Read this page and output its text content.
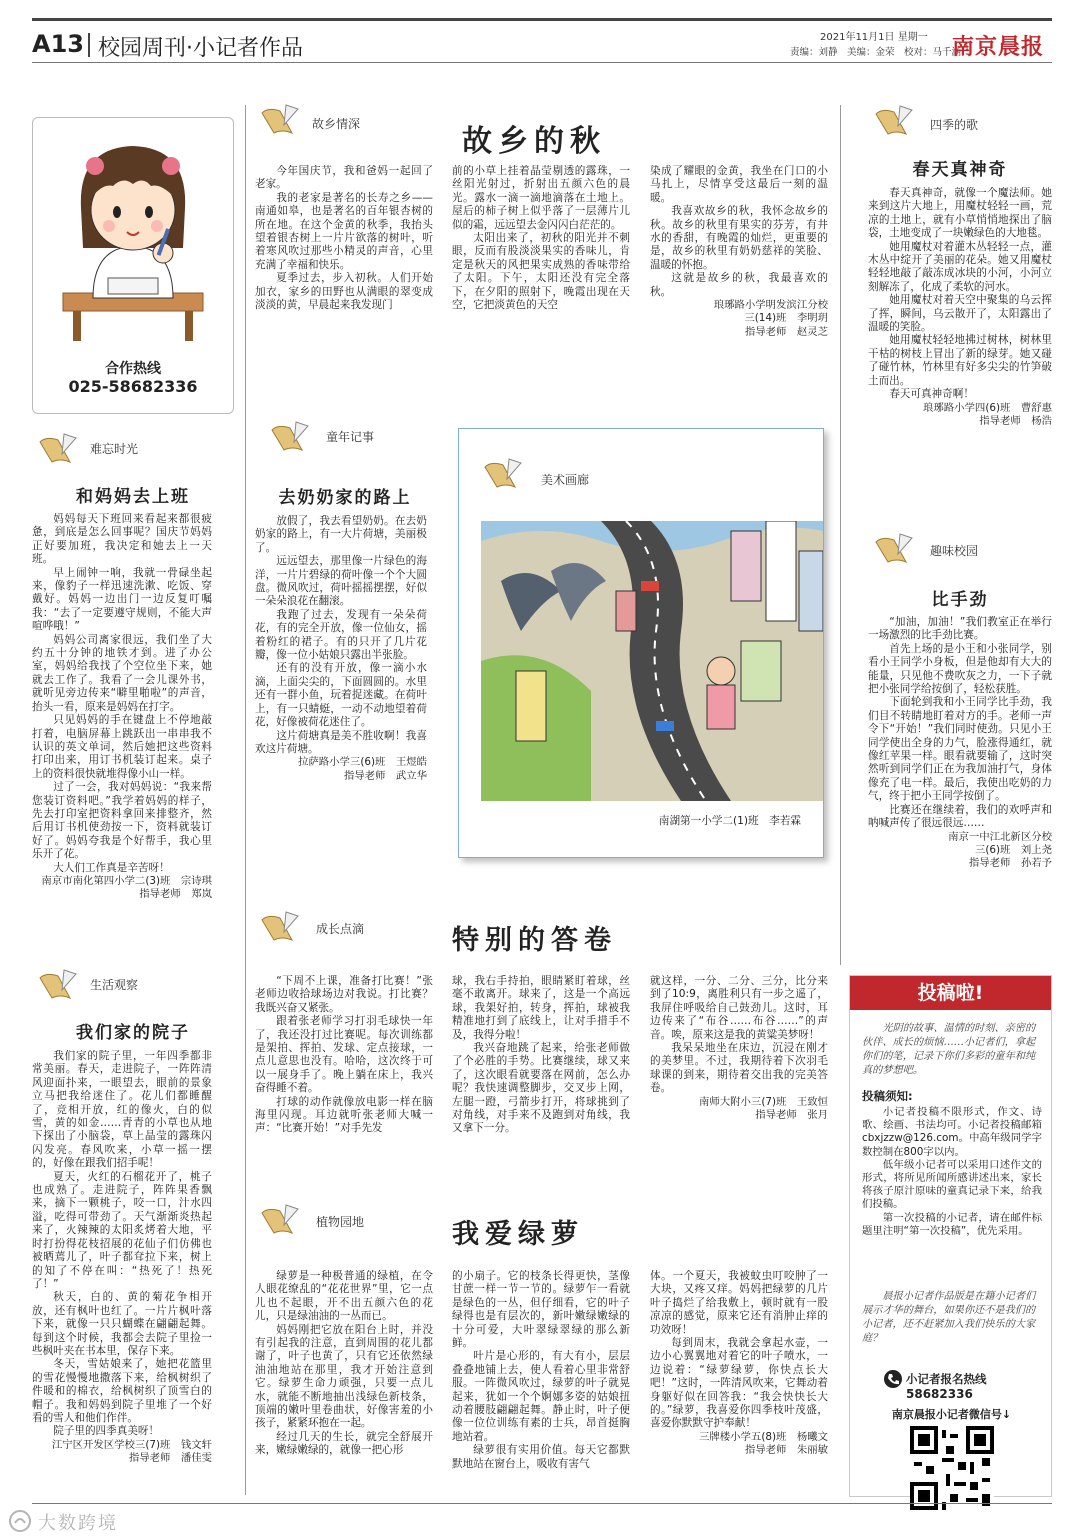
A13 校园周刊·小记者作品	2021年11月1日 星期一
责编：刘静　美编：金荣　校对：马千涵
南京晨报
合作热线
025-58682336
故乡情深	故乡的秋

今年国庆节，我和爸妈一起回了老家。

我的老家是著名的长寿之乡——南通如皋，也是著名的百年银杏树的所在地。在这个金黄的秋季，我抬头望着银杏树上一片片欲落的树叶，听着寒风吹过那些小精灵的声音，心里充满了幸福和快乐。

夏季过去，步入初秋。人们开始加衣，家乡的田野也从满眼的翠变成淡淡的黄，早晨起来我发现门

前的小草上挂着晶莹剔透的露珠，一丝阳光射过，折射出五颜六色的晨光。露水一滴一滴地滴落在土地上。屋后的柿子树上似乎落了一层薄片儿似的霜，远远望去金闪闪白茫茫的。

太阳出来了，初秋的阳光并不刺眼，反而有股淡淡果实的香味儿，肯定是秋天的风把果实成熟的香味带给了太阳。下午，太阳还没有完全落下，在夕阳的照射下，晚霞出现在天空，它把淡黄色的天空

染成了耀眼的金黄，我坐在门口的小马扎上，尽情享受这最后一刻的温暖。

我喜欢故乡的秋，我怀念故乡的秋。故乡的秋里有果实的芬芳，有井水的香甜，有晚霞的灿烂，更重要的是，故乡的秋里有奶奶慈祥的笑脸、温暖的怀抱。

这就是故乡的秋，我最喜欢的秋。

琅琊路小学明发滨江分校
三(14)班　李明玥
指导老师　赵灵芝
四季的歌
春天真神奇

春天真神奇，就像一个魔法师。她来到这片大地上，用魔杖轻轻一画，荒凉的土地上，就有小草悄悄地探出了脑袋，土地变成了一块嫩绿色的大地毯。

她用魔杖对着灌木丛轻轻一点，灌木丛中绽开了美丽的花朵。她又用魔杖轻轻地敲了敲冻成冰块的小河，小河立刻解冻了，化成了柔软的河水。

她用魔杖对着天空中聚集的乌云挥了挥，瞬间，乌云散开了，太阳露出了温暖的笑脸。

她用魔杖轻轻地拂过树林，树林里干枯的树枝上冒出了新的绿芽。她又碰了碰竹林，竹林里有好多尖尖的竹笋破土而出。

春天可真神奇啊！

琅琊路小学四(6)班　曹舒惠
指导老师　杨浩
难忘时光
和妈妈去上班

妈妈每天下班回来看起来都很疲惫，到底是怎么回事呢？国庆节妈妈正好要加班，我决定和她去上一天班。

早上闹钟一响，我就一骨碌坐起来，像豹子一样迅速洗漱、吃饭、穿戴好。妈妈一边出门一边反复叮嘱我：“去了一定要遵守规则，不能大声喧哗哦！”

妈妈公司离家很远，我们坐了大约五十分钟的地铁才到。进了办公室，妈妈给我找了个空位坐下来，她就去工作了。我看了一会儿课外书，就听见旁边传来“噼里啪啦”的声音，抬头一看，原来是妈妈在打字。

只见妈妈的手在键盘上不停地敲打着，电脑屏幕上跳跃出一串串我不认识的英文单词，然后她把这些资料打印出来，用订书机装订起来。桌子上的资料很快就堆得像小山一样。

过了一会，我对妈妈说：“我来帮您装订资料吧。”我学着妈妈的样子，先去打印室把资料拿回来排整齐，然后用订书机使劲按一下，资料就装订好了。妈妈夸我是个好帮手，我心里乐开了花。

大人们工作真是辛苦呀！

南京市南化第四小学二(3)班　宗诗琪
指导老师　郑岚
童年记事
去奶奶家的路上

放假了，我去看望奶奶。在去奶奶家的路上，有一大片荷塘，美丽极了。

远远望去，那里像一片绿色的海洋，一片片碧绿的荷叶像一个个大圆盘。微风吹过，荷叶摇摇摆摆，好似一朵朵浪花在翻滚。

我跑了过去，发现有一朵朵荷花，有的完全开放，像一位仙女，摇着粉红的裙子。有的只开了几片花瓣，像一位小姑娘只露出半张脸。

还有的没有开放，像一滴小水滴，上面尖尖的，下面圆圆的。水里还有一群小鱼，玩着捉迷藏。在荷叶上，有一只蜻蜓，一动不动地望着荷花，好像被荷花迷住了。

这片荷塘真是美不胜收啊！我喜欢这片荷塘。

拉萨路小学三(6)班　王煜皓
指导老师　武立华
美术画廊
南湖第一小学二(1)班　李若霖
趣味校园
比手劲

“加油，加油！”我们教室正在举行一场激烈的比手劲比赛。

首先上场的是小王和小张同学，别看小王同学小身板，但是他却有大大的能量，只见他不费吹灰之力，一下子就把小张同学给按倒了，轻松获胜。

下面轮到我和小王同学比手劲，我们目不转睛地盯着对方的手。老师一声令下“开始！”我们同时使劲。只见小王同学使出全身的力气，脸涨得通红，就像红苹果一样。眼看就要输了，这时突然听到同学们正在为我加油打气，身体像充了电一样。最后，我使出吃奶的力气，终于把小王同学按倒了。

比赛还在继续着，我们的欢呼声和呐喊声传了很远很远……

南京一中江北新区分校
三(6)班　刘上尧
指导老师　孙若予
生活观察
我们家的院子

我们家的院子里，一年四季都非常美丽。春天，走进院子，一阵阵清风迎面扑来，一眼望去，眼前的景象立马把我给迷住了。花儿们都睡醒了，竞相开放，红的像火，白的似雪，黄的如金……青青的小草也从地下探出了小脑袋，草上晶莹的露珠闪闪发亮。春风吹来，小草一摇一摆的，好像在跟我们招手呢！

夏天，火红的石榴花开了，桃子也成熟了。走进院子，阵阵果香飘来，摘下一颗桃子，咬一口，汁水四溢，吃得可带劲了。天气渐渐炎热起来了，火辣辣的太阳炙烤着大地，平时打扮得花枝招展的花仙子们仿佛也被晒蔫儿了，叶子都耷拉下来，树上的知了不停在叫：“热死了！热死了！”

秋天，白的、黄的菊花争相开放，还有枫叶也红了。一片片枫叶落下来，就像一只只蝴蝶在翩翩起舞。每到这个时候，我都会去院子里捡一些枫叶夹在书本里，保存下来。

冬天，雪姑娘来了，她把花篮里的雪花慢慢地撒落下来，给枫树织了件暖和的棉衣，给枫树织了顶雪白的帽子。我和妈妈到院子里堆了一个好看的雪人和他们作伴。

院子里的四季真美呀！

江宁区开发区学校三(7)班　钱文轩
指导老师　潘佳雯
成长点滴	特别的答卷

“下周不上课，准备打比赛！”张老师边收拾球场边对我说。打比赛？我既兴奋又紧张。

跟着张老师学习打羽毛球快一年了，我还没打过比赛呢。每次训练都是架拍、挥拍、发球、定点接球，一点儿意思也没有。哈哈，这次终于可以一展身手了。晚上躺在床上，我兴奋得睡不着。

打球的动作就像放电影一样在脑海里闪现。耳边就听张老师大喊一声：“比赛开始！”对手先发

球，我右手持拍，眼睛紧盯着球，丝毫不敢离开。球来了，这是一个高远球，我架好拍，转身，挥拍，球被我精准地打到了底线上，让对手措手不及，我得分啦！

我兴奋地跳了起来，给张老师做了个必胜的手势。比赛继续，球又来了，这次眼看就要落在网前，怎么办呢？我快速调整脚步，交叉步上网，左腿一蹬，弓箭步打开，将球挑到了对角线，对手来不及跑到对角线，我又拿下一分。

就这样，一分、二分、三分，比分来到了10:9，离胜利只有一步之遥了，我屏住呼吸给自己鼓劲儿。这时，耳边传来了“布谷……布谷……”的声音。唉，原来这是我的黄粱美梦呀！

我呆呆地坐在床边，沉浸在刚才的美梦里。不过，我期待着下次羽毛球课的到来，期待着交出我的完美答卷。

南师大附小三(7)班　王致恒
指导老师　张月
植物园地	我爱绿萝

绿萝是一种极普通的绿植，在令人眼花缭乱的“花花世界”里，它一点儿也不起眼，开不出五颜六色的花儿，只是绿油油的一丛而已。

妈妈刚把它放在阳台上时，并没有引起我的注意，直到周围的花儿都谢了，叶子也黄了，只有它还依然绿油油地站在那里，我才开始注意到它。绿萝生命力顽强，只要一点儿水，就能不断地抽出浅绿色新枝条，顶端的嫩叶里卷曲状，好像害羞的小孩子，紧紧环抱在一起。

经过几天的生长，就完全舒展开来，嫩绿嫩绿的，就像一把心形

的小扇子。它的枝条长得更快，茎像甘蔗一样一节一节的。绿萝乍一看就是绿色的一丛，但仔细看，它的叶子绿得也是有层次的，新叶嫩绿嫩绿的十分可爱，大叶翠绿翠绿的那么新鲜。

叶片是心形的，有大有小，层层叠叠地铺上去，使人看着心里非常舒服。一阵微风吹过，绿萝的叶子就晃起来，犹如一个个婀娜多姿的姑娘扭动着腰肢翩翩起舞。静止时，叶子便像一位位训练有素的士兵，昂首挺胸地站着。

绿萝很有实用价值。每天它都默默地站在窗台上，吸收有害气

体。一个夏天，我被蚊虫叮咬肿了一大块，又疼又痒。妈妈把绿萝的几片叶子捣烂了给我敷上，顿时就有一股凉凉的感觉，原来它还有消肿止痒的功效呀！

每到周末，我就会拿起水壶，一边小心翼翼地对着它的叶子喷水，一边说着：“绿萝绿萝，你快点长大吧！”这时，一阵清风吹来，它舞动着身躯好似在回答我：“我会快快长大的。”绿萝，我喜爱你四季枝叶茂盛，喜爱你默默守护奉献！

三牌楼小学五(8)班　杨曦文
指导老师　朱丽敏
投稿啦!
光阴的故事、温情的时刻、亲密的伙伴、成长的烦恼……小记者们，拿起你们的笔，记录下你们多彩的童年和纯真的梦想吧。
投稿须知:

小记者投稿不限形式，作文、诗歌、绘画、书法均可。小记者投稿邮箱 cbxjzzw@126.com。中高年级同学字数控制在800字以内。

低年级小记者可以采用口述作文的形式，将所见所闻所感讲述出来，家长将孩子原汁原味的童真记录下来，给我们投稿。

第一次投稿的小记者，请在邮件标题里注明“第一次投稿”，优先采用。

晨报小记者作品版是在籍小记者们展示才华的舞台，如果你还不是我们的小记者，还不赶紧加入我们快乐的大家庭？
小记者报名热线
58682336
南京晨报小记者微信号↓
大数跨境
